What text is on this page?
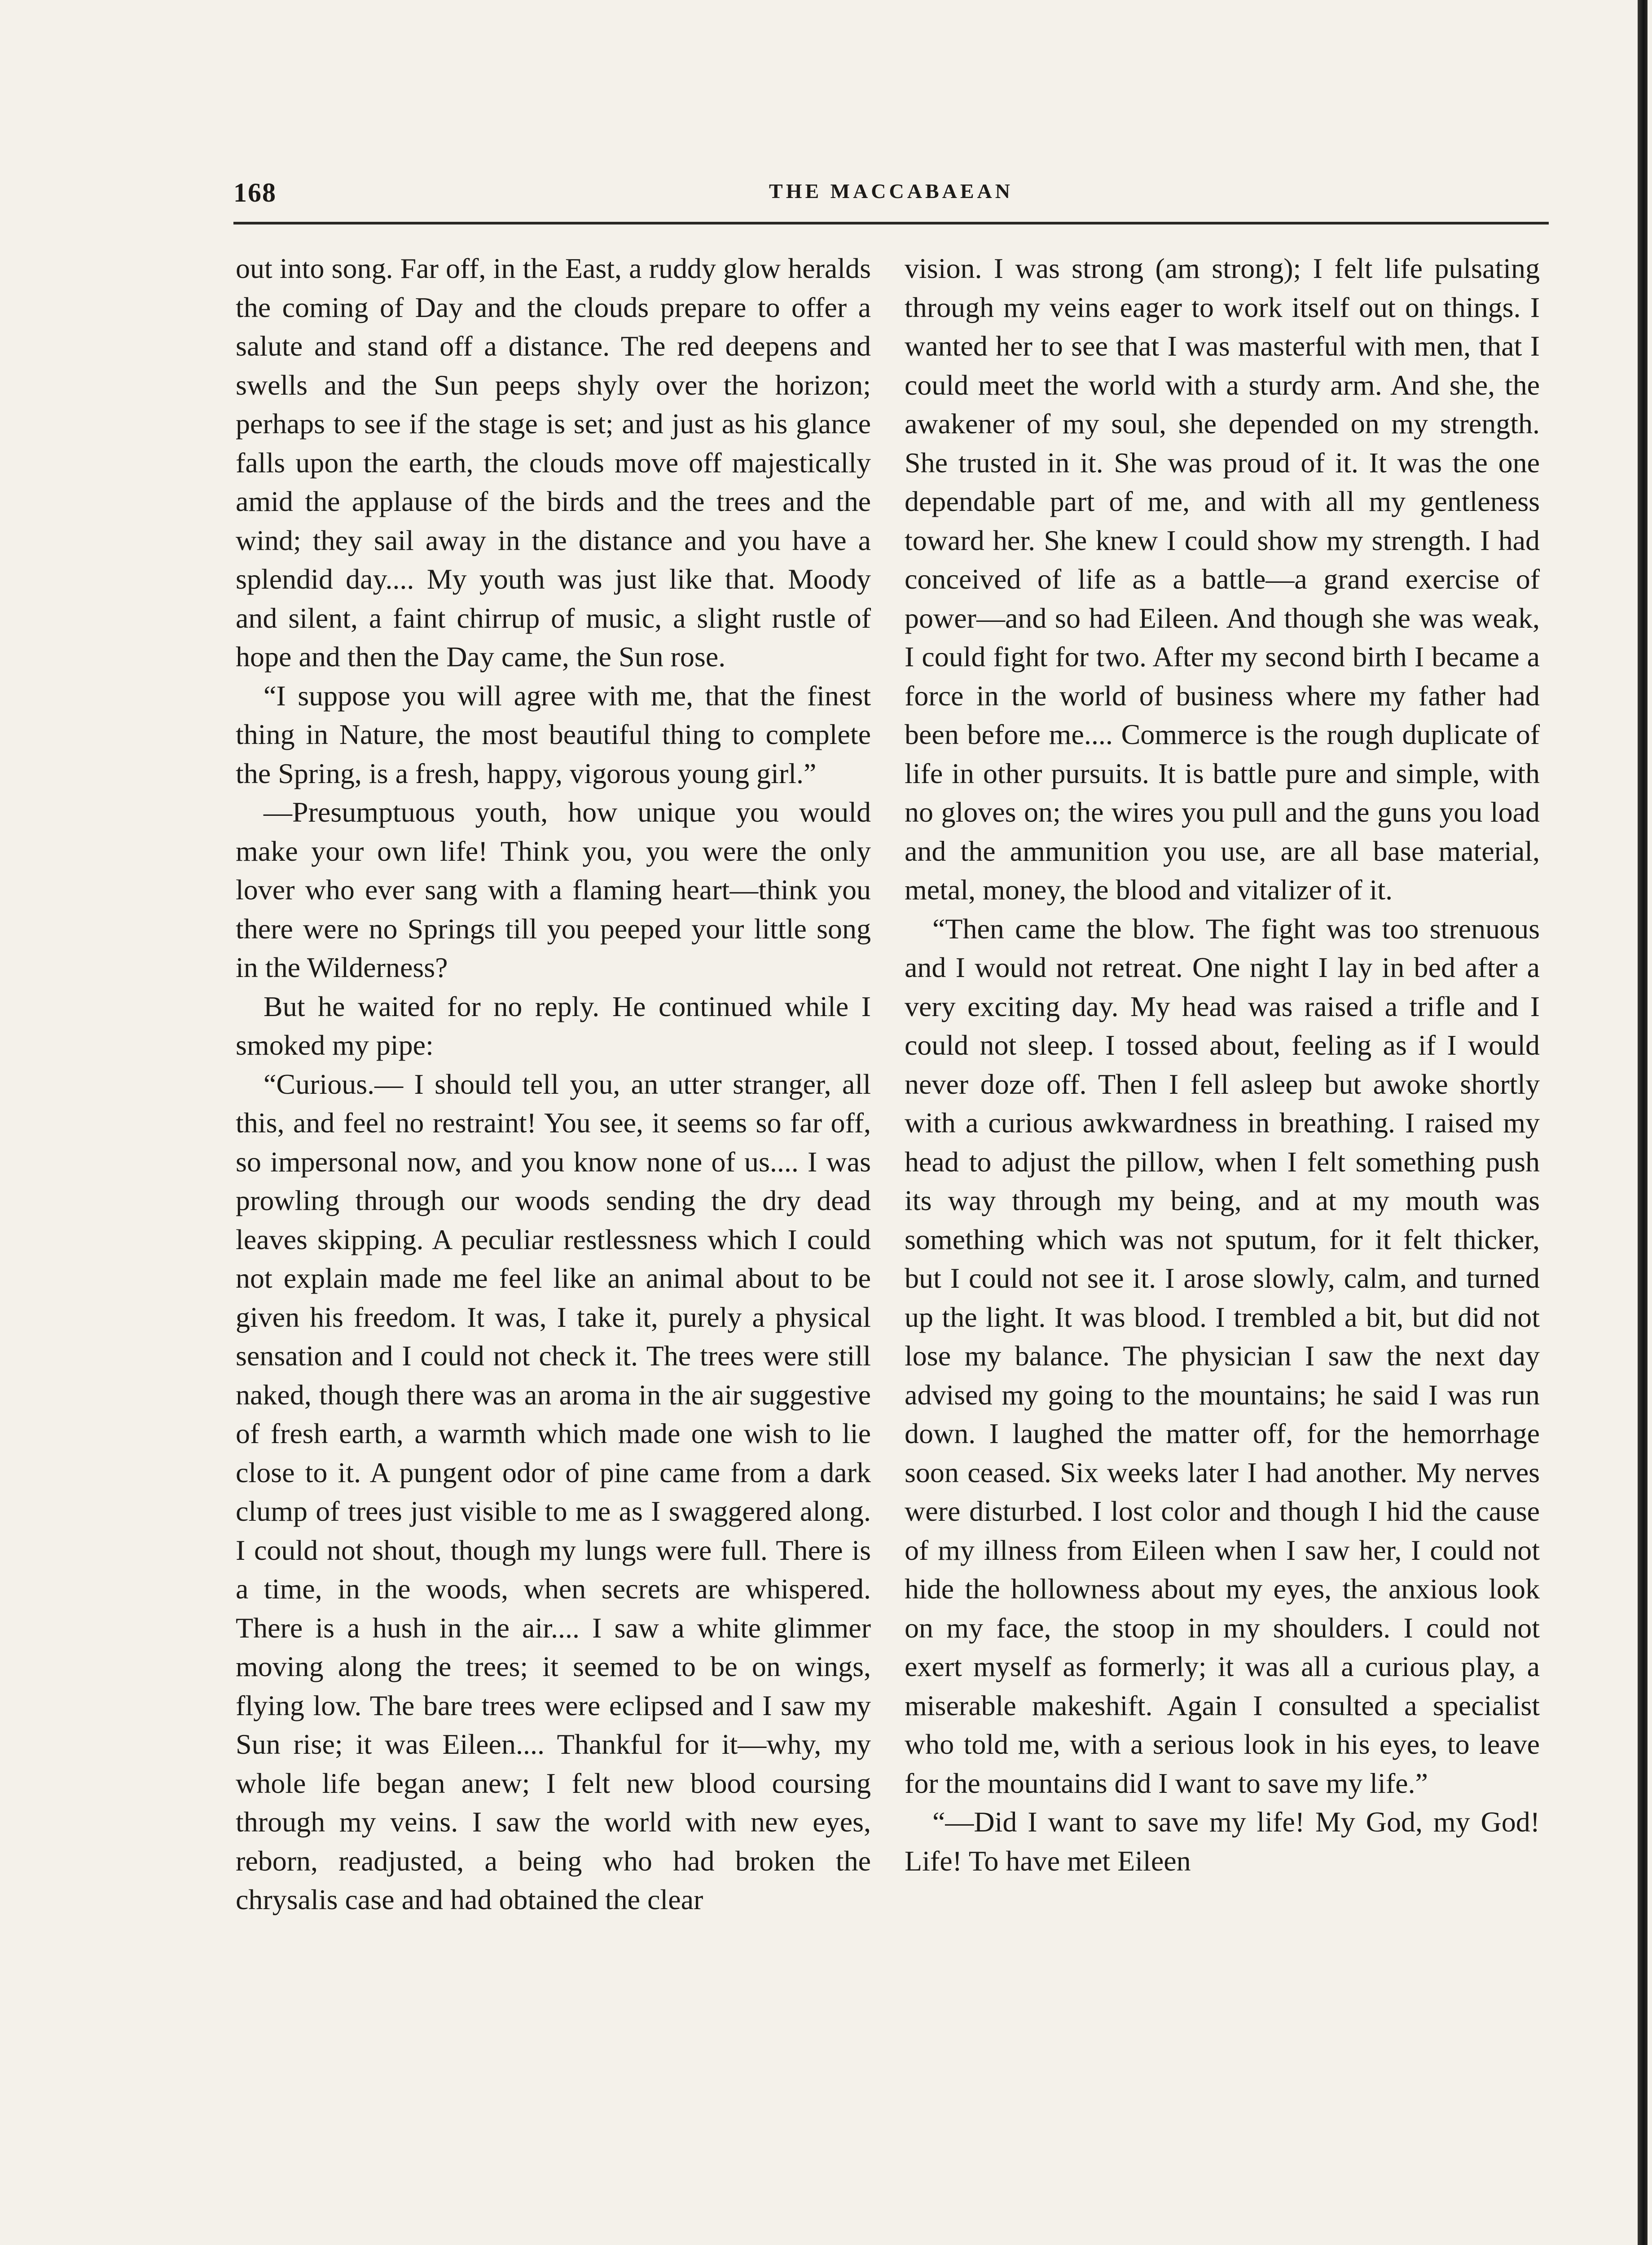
168	THE MACCABAEAN

out into song. Far off, in the East, a ruddy glow heralds the coming of Day and the clouds prepare to offer a salute and stand off a distance. The red deepens and swells and the Sun peeps shyly over the horizon; perhaps to see if the stage is set; and just as his glance falls upon the earth, the clouds move off majestically amid the applause of the birds and the trees and the wind; they sail away in the distance and you have a splendid day.... My youth was just like that. Moody and silent, a faint chirrup of music, a slight rustle of hope and then the Day came, the Sun rose.

“I suppose you will agree with me, that the finest thing in Nature, the most beautiful thing to complete the Spring, is a fresh, happy, vigorous young girl.”

—Presumptuous youth, how unique you would make your own life! Think you, you were the only lover who ever sang with a flaming heart—think you there were no Springs till you peeped your little song in the Wilderness?

But he waited for no reply. He continued while I smoked my pipe:

“Curious.— I should tell you, an utter stranger, all this, and feel no restraint! You see, it seems so far off, so impersonal now, and you know none of us.... I was prowling through our woods sending the dry dead leaves skipping. A peculiar restlessness which I could not explain made me feel like an animal about to be given his freedom. It was, I take it, purely a physical sensation and I could not check it. The trees were still naked, though there was an aroma in the air suggestive of fresh earth, a warmth which made one wish to lie close to it. A pungent odor of pine came from a dark clump of trees just visible to me as I swaggered along. I could not shout, though my lungs were full. There is a time, in the woods, when secrets are whispered. There is a hush in the air.... I saw a white glimmer moving along the trees; it seemed to be on wings, flying low. The bare trees were eclipsed and I saw my Sun rise; it was Eileen.... Thankful for it—why, my whole life began anew; I felt new blood coursing through my veins. I saw the world with new eyes, reborn, readjusted, a being who had broken the chrysalis case and had obtained the clear

vision. I was strong (am strong); I felt life pulsating through my veins eager to work itself out on things. I wanted her to see that I was masterful with men, that I could meet the world with a sturdy arm. And she, the awakener of my soul, she depended on my strength. She trusted in it. She was proud of it. It was the one dependable part of me, and with all my gentleness toward her. She knew I could show my strength. I had conceived of life as a battle—a grand exercise of power—and so had Eileen. And though she was weak, I could fight for two. After my second birth I became a force in the world of business where my father had been before me.... Commerce is the rough duplicate of life in other pursuits. It is battle pure and simple, with no gloves on; the wires you pull and the guns you load and the ammunition you use, are all base material, metal, money, the blood and vitalizer of it.

“Then came the blow. The fight was too strenuous and I would not retreat. One night I lay in bed after a very exciting day. My head was raised a trifle and I could not sleep. I tossed about, feeling as if I would never doze off. Then I fell asleep but awoke shortly with a curious awkwardness in breathing. I raised my head to adjust the pillow, when I felt something push its way through my being, and at my mouth was something which was not sputum, for it felt thicker, but I could not see it. I arose slowly, calm, and turned up the light. It was blood. I trembled a bit, but did not lose my balance. The physician I saw the next day advised my going to the mountains; he said I was run down. I laughed the matter off, for the hemorrhage soon ceased. Six weeks later I had another. My nerves were disturbed. I lost color and though I hid the cause of my illness from Eileen when I saw her, I could not hide the hollowness about my eyes, the anxious look on my face, the stoop in my shoulders. I could not exert myself as formerly; it was all a curious play, a miserable makeshift. Again I consulted a specialist who told me, with a serious look in his eyes, to leave for the mountains did I want to save my life.”

“—Did I want to save my life! My God, my God! Life! To have met Eileen
